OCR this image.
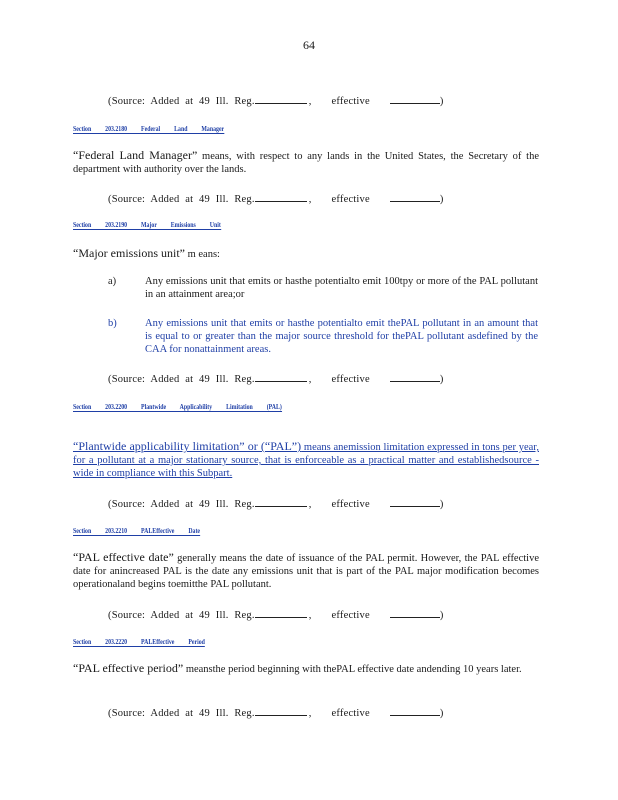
64
(Source: Added at 49 Ill. Reg.	, effective	)
Section 203.2180 Federal Land Manager
“Federal Land Manager” means, with respect to any lands in the United States, the Secretary of the department with authority over the lands.
(Source: Added at 49 Ill. Reg.	, effective	)
Section 203.2190 Major Emissions Unit
“Major emissions unit” m eans:
a)	Any emissions unit that emits or hasthe potentialto emit 100tpy or more of the PAL pollutant in an attainment area;or
b)	Any emissions unit that emits or hasthe potentialto emit thePAL pollutant in an amount that is equal to or greater than the major source threshold for thePAL pollutant asdefined by the CAA for nonattainment areas.
(Source: Added at 49 Ill. Reg.	, effective	)
Section 203.2200 Plantwide Applicability Limitation (PAL)
“Plantwide applicability limitation” or (“PAL”) means anemission limitation expressed in tons per year, for a pollutant at a major stationary source, that is enforceable as a practical matter and establishedsource -wide in compliance with this Subpart.
(Source: Added at 49 Ill. Reg.	, effective	)
Section 203.2210 PALEffective Date
“PAL effective date” generally means the date of issuance of the PAL permit. However, the PAL effective date for anincreased PAL is the date any emissions unit that is part of the PAL major modification becomes operationaland begins toemitthe PAL pollutant.
(Source: Added at 49 Ill. Reg.	, effective	)
Section 203.2220 PALEffective Period
“PAL effective period” meansthe period beginning with thePAL effective date andending 10 years later.
(Source: Added at 49 Ill. Reg.	, effective	)
